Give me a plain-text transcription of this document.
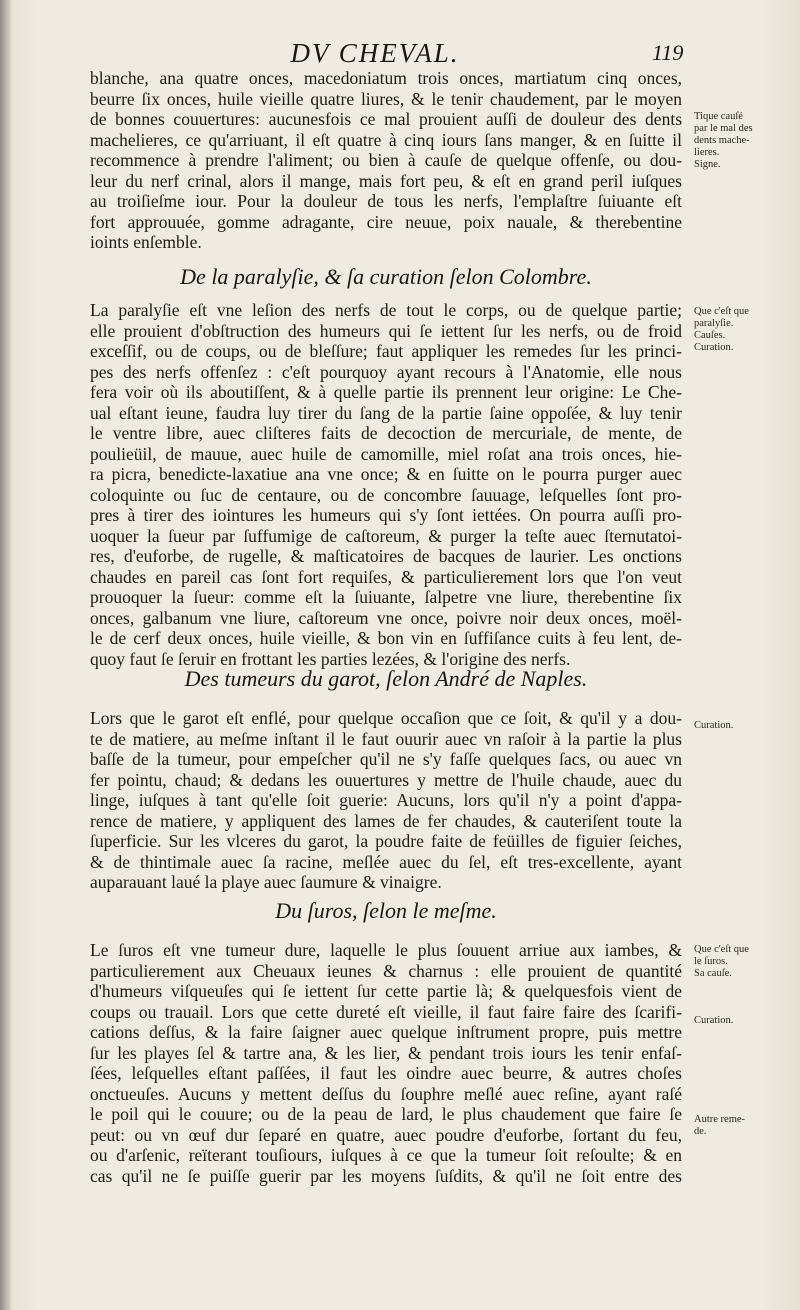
DV CHEVAL.	119
blanche, ana quatre onces, macedoniatum trois onces, martiatum cinq onces,
beurre ſix onces, huile vieille quatre liures, & le tenir chaudement, par le moyen
de bonnes couuertures: aucunesfois ce mal prouient auſſi de douleur des dents
machelieres, ce qu'arriuant, il eſt quatre à cinq iours ſans manger, & en ſuitte il
recommence à prendre l'aliment; ou bien à cauſe de quelque offenſe, ou dou-
leur du nerf crinal, alors il mange, mais fort peu, & eſt en grand peril iuſques
au troiſieſme iour. Pour la douleur de tous les nerfs, l'emplaſtre ſuiuante eſt
fort approuuée, gomme adragante, cire neuue, poix nauale, & therebentine
ioints enſemble.
De la paralyſie, & ſa curation ſelon Colombre.
La paralyſie eſt vne leſion des nerfs de tout le corps, ou de quelque partie;
elle prouient d'obſtruction des humeurs qui ſe iettent ſur les nerfs, ou de froid
exceſſif, ou de coups, ou de bleſſure; faut appliquer les remedes ſur les princi-
pes des nerfs offenſez : c'eſt pourquoy ayant recours à l'Anatomie, elle nous
fera voir où ils aboutiſſent, & à quelle partie ils prennent leur origine: Le Che-
ual eſtant ieune, faudra luy tirer du ſang de la partie ſaine oppoſée, & luy tenir
le ventre libre, auec cliſteres faits de decoction de mercuriale, de mente, de
pouliеüil, de mauue, auec huile de camomille, miel roſat ana trois onces, hie-
ra picra, benedicte-laxatiue ana vne once; & en ſuitte on le pourra purger auec
coloquinte ou ſuc de centaure, ou de concombre ſauuage, leſquelles ſont pro-
pres à tirer des iointures les humeurs qui s'y ſont iettées. On pourra auſſi pro-
uoquer la ſueur par ſuffumige de caſtoreum, & purger la teſte auec ſternutatoi-
res, d'euforbe, de rugelle, & maſticatoires de bacques de laurier. Les onctions
chaudes en pareil cas ſont fort requiſes, & particulierement lors que l'on veut
prouoquer la ſueur: comme eſt la ſuiuante, ſalpetre vne liure, therebentine ſix
onces, galbanum vne liure, caſtoreum vne once, poivre noir deux onces, moël-
le de cerf deux onces, huile vieille, & bon vin en ſuffiſance cuits à feu lent, de-
quoy faut ſe ſeruir en frottant les parties lezées, & l'origine des nerfs.
Des tumeurs du garot, ſelon André de Naples.
Lors que le garot eſt enflé, pour quelque occaſion que ce ſoit, & qu'il y a dou-
te de matiere, au meſme inſtant il le faut ouurir auec vn raſoir à la partie la plus
baſſe de la tumeur, pour empeſcher qu'il ne s'y faſſe quelques ſacs, ou auec vn
fer pointu, chaud; & dedans les ouuertures y mettre de l'huile chaude, auec du
linge, iuſques à tant qu'elle ſoit guerie: Aucuns, lors qu'il n'y a point d'appa-
rence de matiere, y appliquent des lames de fer chaudes, & cauteriſent toute la
ſuperficie. Sur les vlceres du garot, la poudre faite de feüilles de figuier ſeiches,
& de thintimale auec ſa racine, meſlée auec du ſel, eſt tres-excellente, ayant
auparauant laué la playe auec ſaumure & vinaigre.
Du ſuros, ſelon le meſme.
Le ſuros eſt vne tumeur dure, laquelle le plus ſouuent arriue aux iambes, &
particulierement aux Cheuaux ieunes & charnus : elle prouient de quantité
d'humeurs viſqueuſes qui ſe iettent ſur cette partie là; & quelquesfois vient de
coups ou trauail. Lors que cette dureté eſt vieille, il faut faire faire des ſcarifi-
cations deſſus, & la faire ſaigner auec quelque inſtrument propre, puis mettre
ſur les playes ſel & tartre ana, & les lier, & pendant trois iours les tenir enfaſ-
ſées, leſquelles eſtant paſſées, il faut les oindre auec beurre, & autres choſes
onctueuſes. Aucuns y mettent deſſus du ſouphre meſlé auec reſine, ayant raſé
le poil qui le couure; ou de la peau de lard, le plus chaudement que faire ſe
peut: ou vn œuf dur ſeparé en quatre, auec poudre d'euforbe, ſortant du feu,
ou d'arſenic, reïterant touſiours, iuſques à ce que la tumeur ſoit reſoulte; & en
cas qu'il ne ſe puiſſe guerir par les moyens ſuſdits, & qu'il ne ſoit entre des
Tique cauſé
par le mal des
dents mache-
lieres.
Signe.
Que c'eſt que
paralyſie.
Cauſes.
Curation.
Curation.
Que c'eſt que
le ſuros.
Sa cauſe.
Curation.
Autre reme-
de.
